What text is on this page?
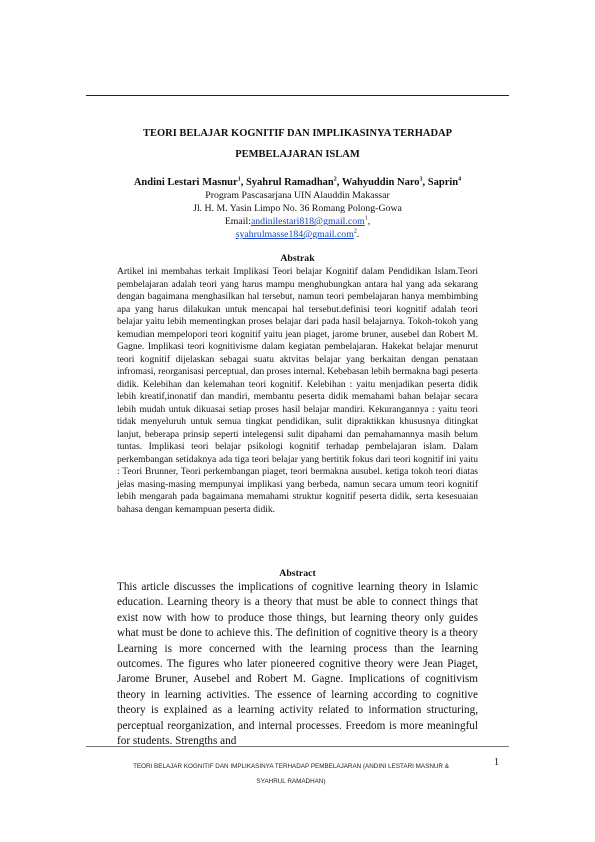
TEORI BELAJAR KOGNITIF DAN IMPLIKASINYA TERHADAP
PEMBELAJARAN ISLAM
Andini Lestari Masnur$^1$, Syahrul Ramadhan$^2$, Wahyuddin Naro$^3$, Saprin$^4$
Program Pascasarjana UIN Alauddin Makassar
Jl. H. M. Yasin Limpo No. 36 Romang Polong-Gowa
Email:andinilestari818@gmail.com$^1$,
syahrulmasse184@gmail.com$^2$.
Abstrak
Artikel ini membahas terkait Implikasi Teori belajar Kognitif dalam Pendidikan Islam.Teori pembelajaran adalah teori yang harus mampu menghubungkan antara hal yang ada sekarang dengan bagaimana menghasilkan hal tersebut, namun teori pembelajaran hanya membimbing apa yang harus dilakukan untuk mencapai hal tersebut.definisi teori kognitif adalah teori belajar yaitu lebih mementingkan proses belajar dari pada hasil belajarnya. Tokoh-tokoh yang kemudian mempelopori teori kognitif yaitu jean piaget, jarome bruner, ausebel dan Robert M. Gagne. Implikasi teori kognitivisme dalam kegiatan pembelajaran. Hakekat belajar menurut teori kognitif dijelaskan sebagai suatu aktvitas belajar yang berkaitan dengan penataan infromasi, reorganisasi perceptual, dan proses internal. Kebebasan lebih bermakna bagi peserta didik. Kelebihan dan kelemahan teori kognitif. Kelebihan : yaitu menjadikan peserta didik lebih kreatif,inonatif dan mandiri, membantu peserta didik memahami bahan belajar secara lebih mudah untuk dikuasai setiap proses hasil belajar mandiri. Kekurangannya : yaitu teori tidak menyeluruh untuk semua tingkat pendidikan, sulit dipraktikkan khususnya ditingkat lanjut, beberapa prinsip seperti intelegensi sulit dipahami dan pemahamannya masih belum tuntas. Implikasi teori belajar psikologi kognitif terhadap pembelajaran islam. Dalam perkembangan setidaknya ada tiga teori belajar yang bertitik fokus dari teori kognitif ini yaitu : Teori Brunner, Teori perkembangan piaget, teori bermakna ausubel. ketiga tokoh teori diatas jelas masing-masing mempunyai implikasi yang berbeda, namun secara umum teori kognitif lebih mengarah pada bagaimana memahami struktur kognitif peserta didik, serta kesesuaian bahasa dengan kemampuan peserta didik.
Abstract
This article discusses the implications of cognitive learning theory in Islamic education. Learning theory is a theory that must be able to connect things that exist now with how to produce those things, but learning theory only guides what must be done to achieve this. The definition of cognitive theory is a theory Learning is more concerned with the learning process than the learning outcomes. The figures who later pioneered cognitive theory were Jean Piaget, Jarome Bruner, Ausebel and Robert M. Gagne. Implications of cognitivism theory in learning activities. The essence of learning according to cognitive theory is explained as a learning activity related to information structuring, perceptual reorganization, and internal processes. Freedom is more meaningful for students. Strengths and
TEORI BELAJAR KOGNITIF DAN IMPLIKASINYA TERHADAP PEMBELAJARAN (ANDINI LESTARI MASNUR &
SYAHRUL RAMADHAN)
1
